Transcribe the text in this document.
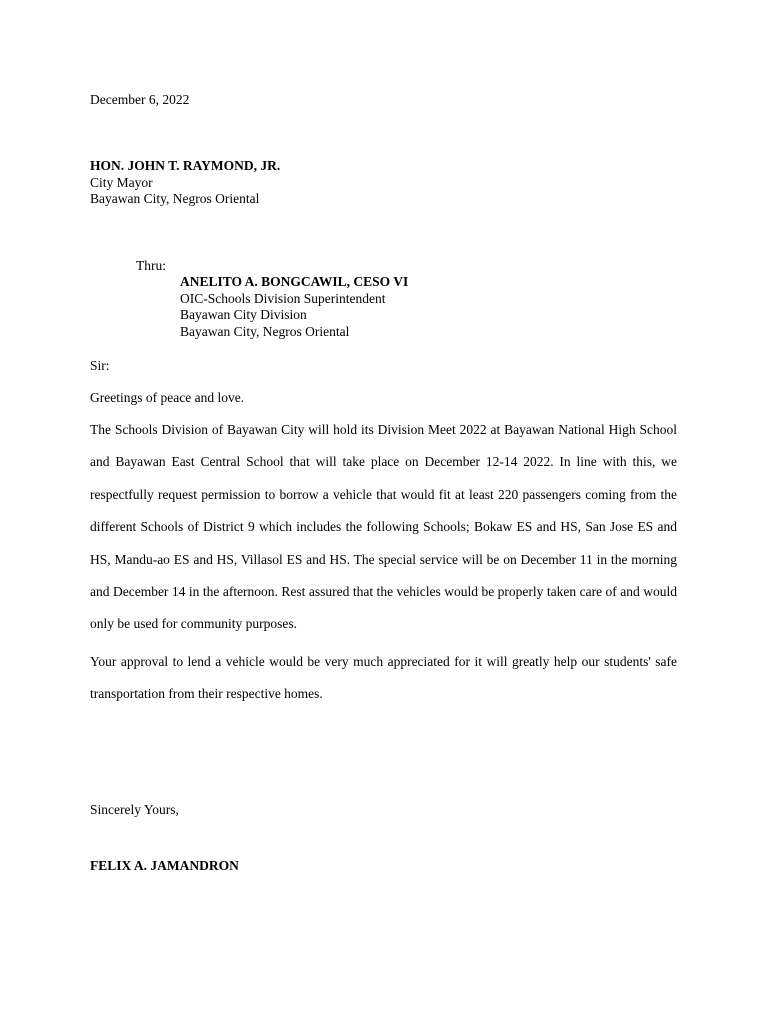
December 6, 2022
HON. JOHN T. RAYMOND, JR.
City Mayor
Bayawan City, Negros Oriental
Thru:
ANELITO A. BONGCAWIL, CESO VI
OIC-Schools Division Superintendent
Bayawan City Division
Bayawan City, Negros Oriental
Sir:
Greetings of peace and love.

The Schools Division of Bayawan City will hold its Division Meet 2022 at Bayawan National High School and Bayawan East Central School that will take place on December 12-14 2022. In line with this, we respectfully request permission to borrow a vehicle that would fit at least 220 passengers coming from the different Schools of District 9 which includes the following Schools; Bokaw ES and HS, San Jose ES and HS, Mandu-ao ES and HS, Villasol ES and HS. The special service will be on December 11 in the morning and December 14 in the afternoon. Rest assured that the vehicles would be properly taken care of and would only be used for community purposes.

Your approval to lend a vehicle would be very much appreciated for it will greatly help our students' safe transportation from their respective homes.

Sincerely Yours,
FELIX A. JAMANDRON
